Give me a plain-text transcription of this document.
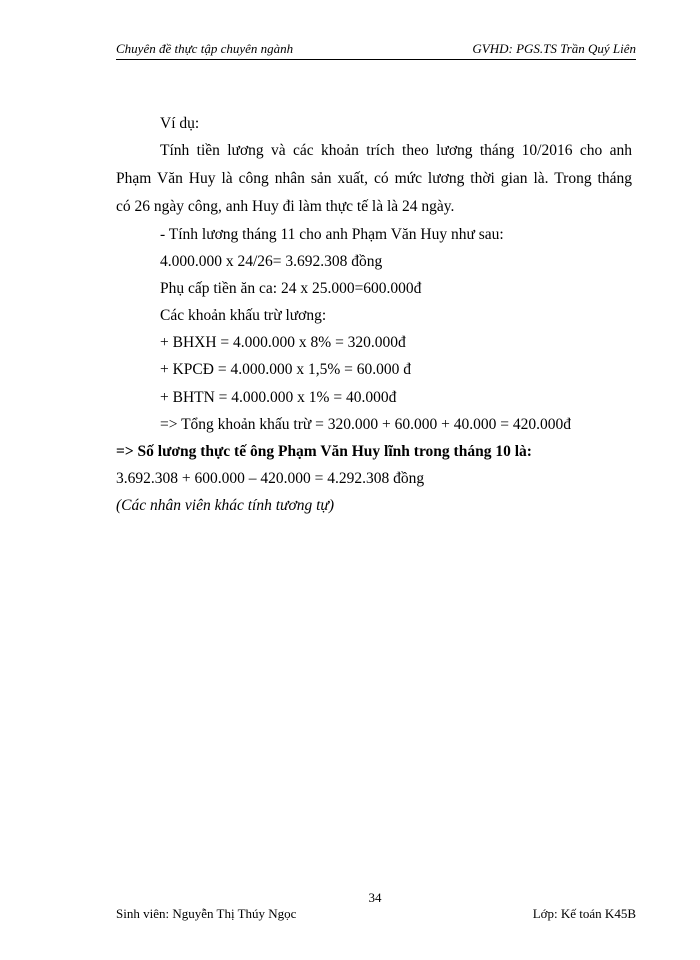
Chuyên đề thực tập chuyên ngành	GVHD: PGS.TS Trần Quý Liên
Ví dụ:
Tính tiền lương và các khoản trích theo lương tháng 10/2016 cho anh
Phạm Văn Huy là công nhân sản xuất, có mức lương thời gian là. Trong tháng
có 26 ngày công, anh Huy đi làm thực tế là là 24 ngày.
- Tính lương tháng 11 cho anh Phạm Văn Huy như sau:
4.000.000 x 24/26= 3.692.308 đồng
Phụ cấp tiền ăn ca: 24 x 25.000=600.000đ
Các khoản khấu trừ lương:
+ BHXH = 4.000.000 x 8% = 320.000đ
+ KPCĐ = 4.000.000 x 1,5% = 60.000 đ
+ BHTN = 4.000.000 x 1% = 40.000đ
=> Tổng khoản khấu trừ = 320.000 + 60.000 + 40.000 = 420.000đ
=> Số lương thực tế ông Phạm Văn Huy lĩnh trong tháng 10 là:
3.692.308 + 600.000 – 420.000 = 4.292.308 đồng
(Các nhân viên khác tính tương tự)
34
Sinh viên: Nguyễn Thị Thúy Ngọc	Lớp: Kế toán K45B
